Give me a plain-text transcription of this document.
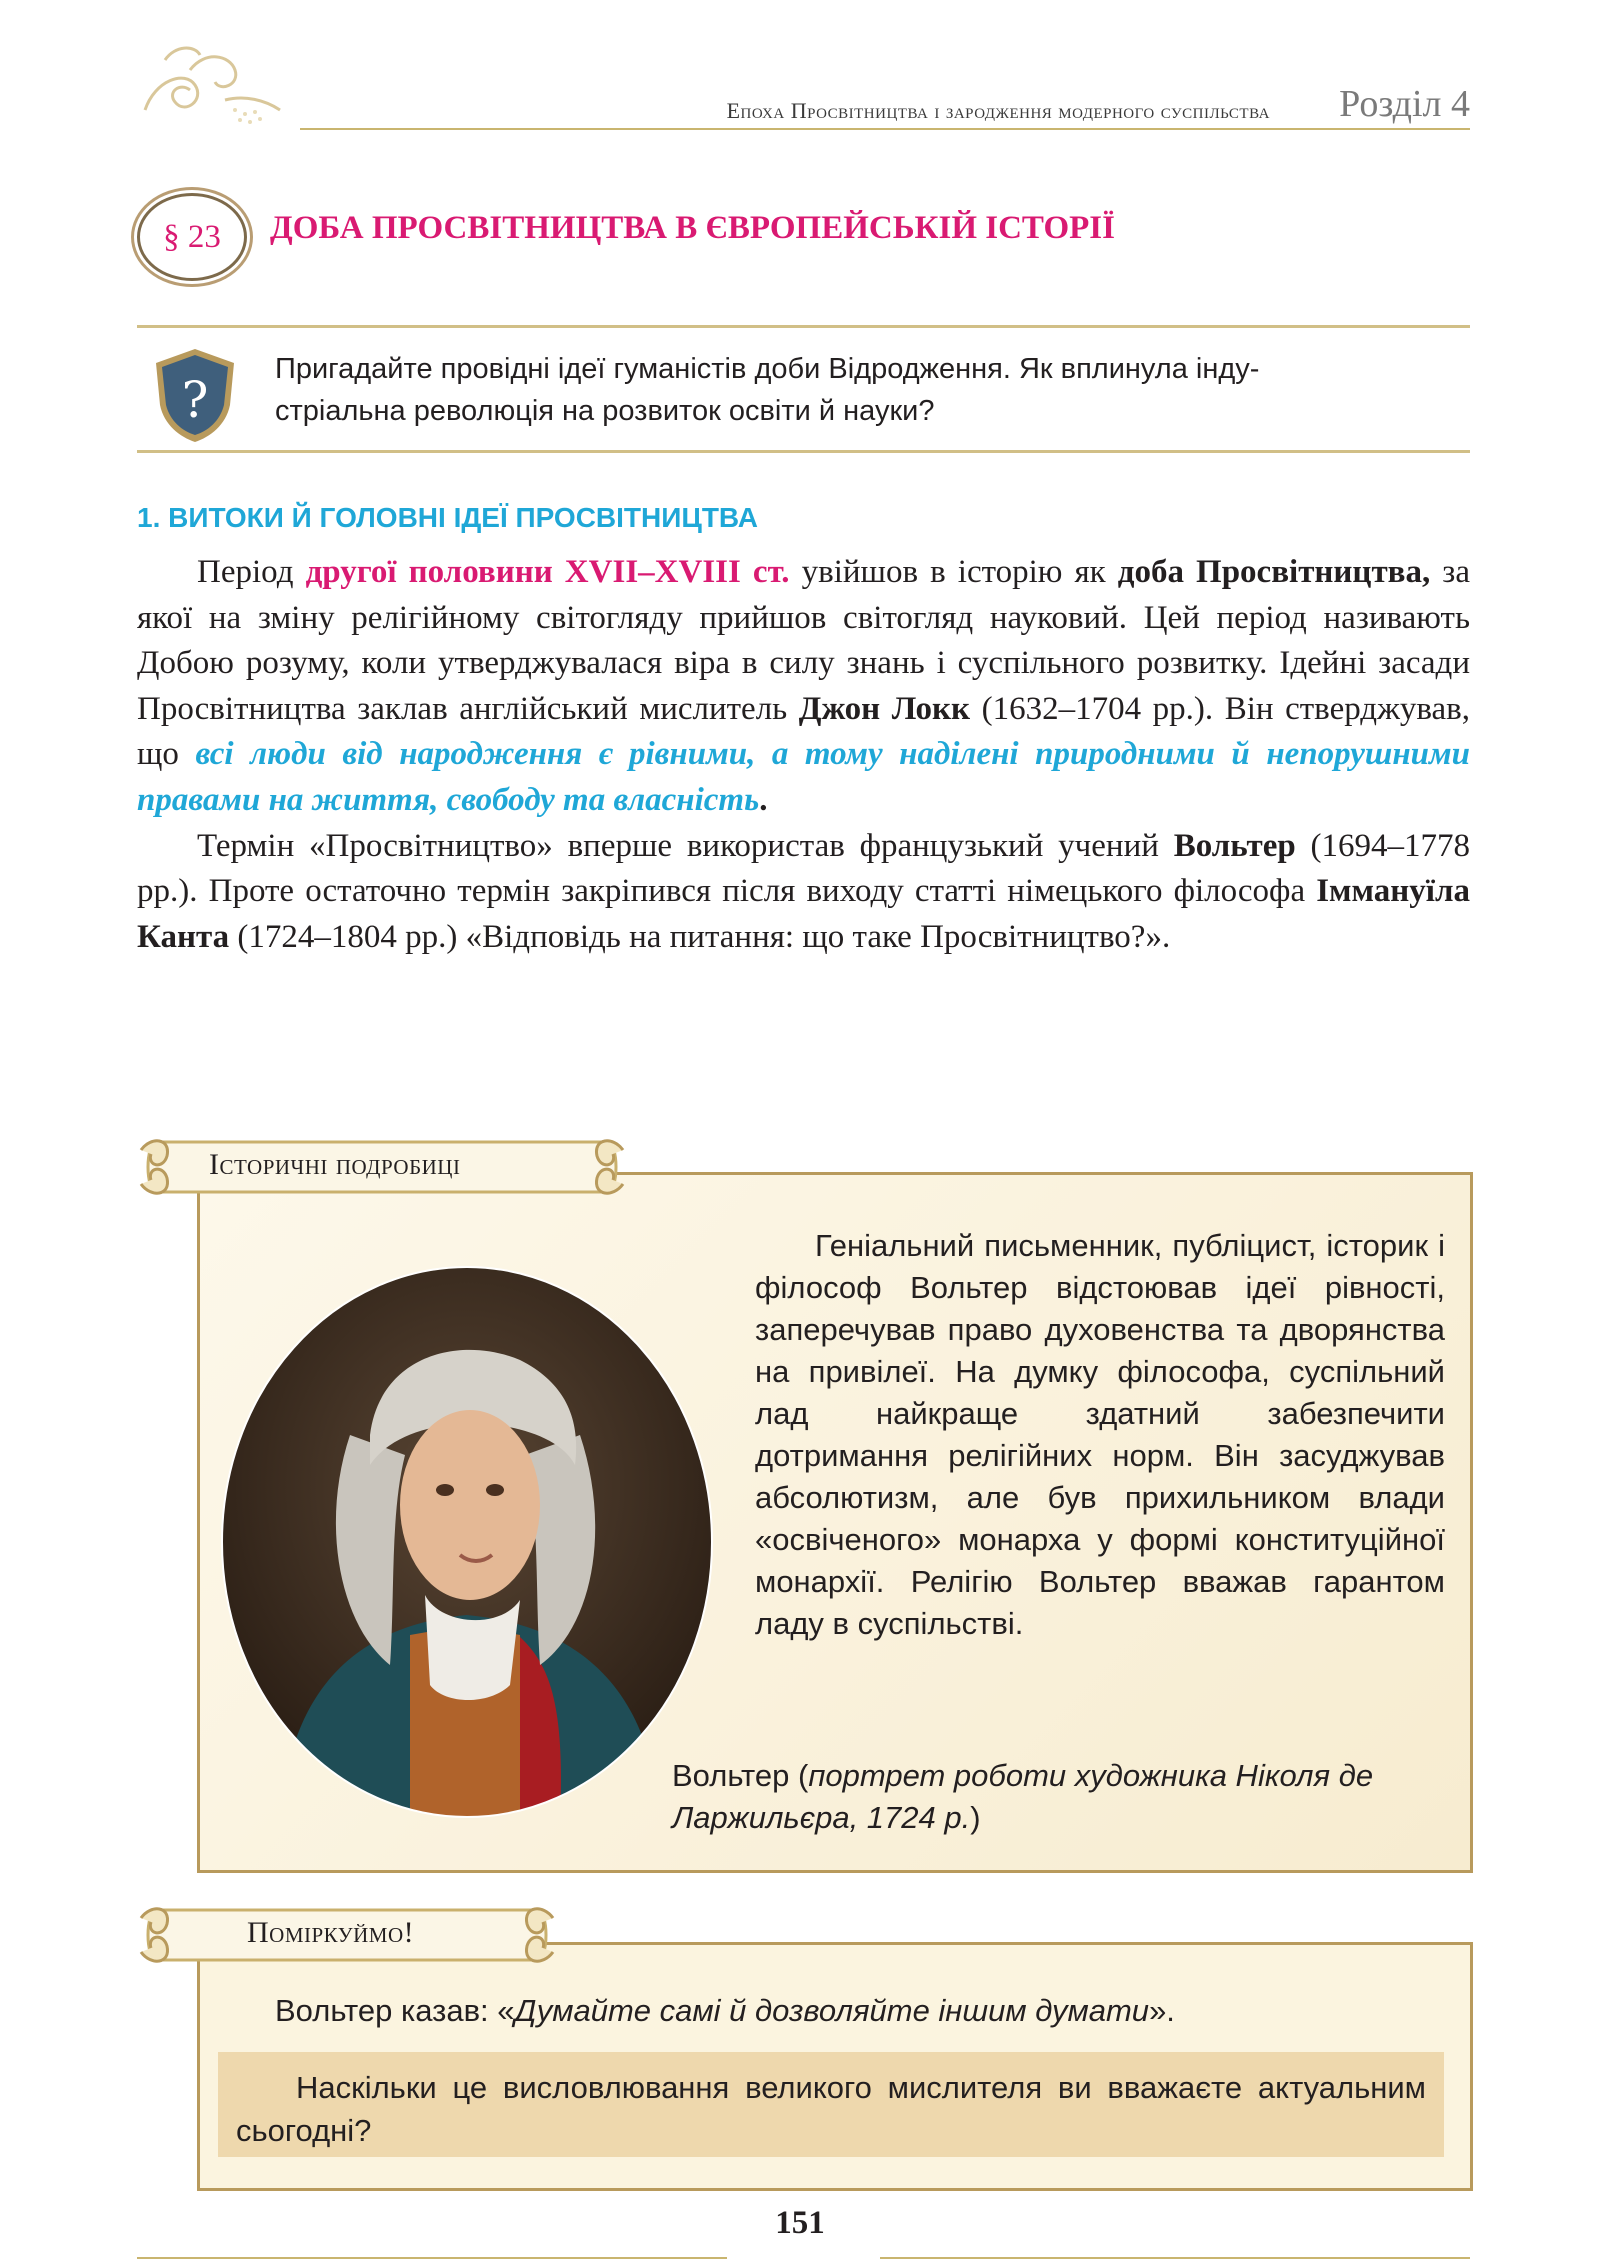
Епоха Просвітництва і зародження модерного суспільства Розділ 4
§ 23	ДОБА ПРОСВІТНИЦТВА В ЄВРОПЕЙСЬКІЙ ІСТОРІЇ
?
Пригадайте провідні ідеї гуманістів доби Відродження. Як вплинула інду-
стріальна революція на розвиток освіти й науки?
1. ВИТОКИ Й ГОЛОВНІ ІДЕЇ ПРОСВІТНИЦТВА

Період другої половини XVII–XVIII ст. увійшов в історію як доба Просвітництва, за якої на зміну релігійному світогляду прийшов світогляд науковий. Цей період називають Добою розуму, коли утверджувалася віра в силу знань і суспільного розвитку. Ідейні засади Просвітництва заклав англійський мислитель Джон Локк (1632–1704 рр.). Він стверджував, що всі люди від народження є рівними, а тому наділені природними й непорушними правами на життя, свободу та власність.

Термін «Просвітництво» вперше використав французький учений Вольтер (1694–1778 рр.). Проте остаточно термін закріпився після виходу статті німецького філософа Іммануїла Канта (1724–1804 рр.) «Відповідь на питання: що таке Просвітництво?».

Історичні подробиці

Геніальний письменник, публіцист, історик і філософ Вольтер відстоював ідеї рівності, заперечував право духовенства та дворянства на привілеї. На думку філософа, суспільний лад найкраще здатний забезпечити дотримання релігійних норм. Він засуджував абсолютизм, але був прихильником влади «освіченого» монарха у формі конституційної монархії. Релігію Вольтер вважав гарантом ладу в суспільстві.

Вольтер (портрет роботи художника Ніколя де Ларжильєра, 1724 р.)
Поміркуймо!
Вольтер казав: «Думайте самі й дозволяйте іншим думати».

Наскільки це висловлювання великого мислителя ви вважаєте актуальним сьогодні?

151
